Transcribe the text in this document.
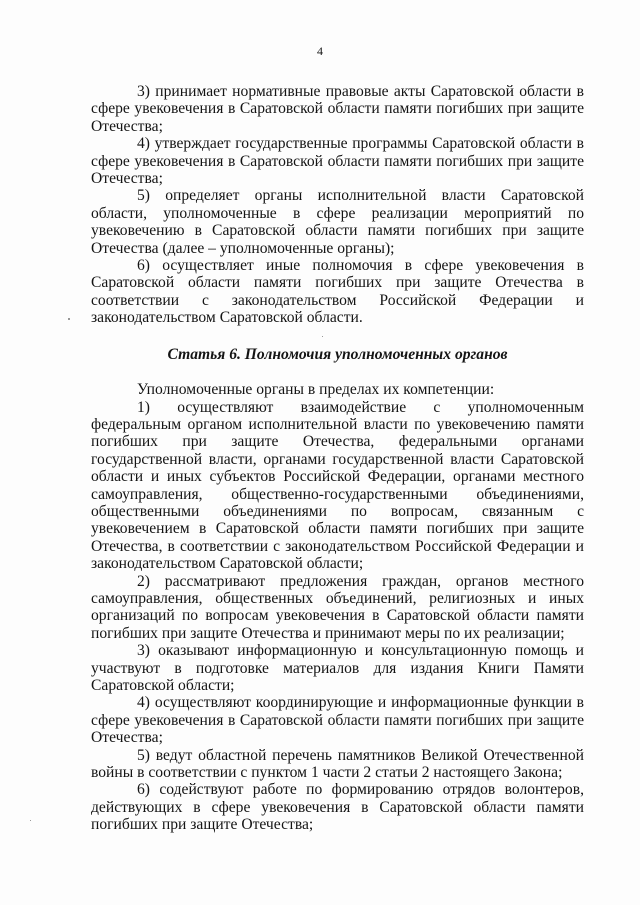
4

3) принимает нормативные правовые акты Саратовской области в сфере увековечения в Саратовской области памяти погибших при защите Отечества;

4) утверждает государственные программы Саратовской области в сфере увековечения в Саратовской области памяти погибших при защите Отечества;

5) определяет органы исполнительной власти Саратовской области, уполномоченные в сфере реализации мероприятий по увековечению в Саратовской области памяти погибших при защите Отечества (далее – уполномоченные органы);

6) осуществляет иные полномочия в сфере увековечения в Саратовской области памяти погибших при защите Отечества в соответствии с законодательством Российской Федерации и законодательством Саратовской области.

Статья 6. Полномочия уполномоченных органов

Уполномоченные органы в пределах их компетенции:

1) осуществляют взаимодействие с уполномоченным федеральным органом исполнительной власти по увековечению памяти погибших при защите Отечества, федеральными органами государственной власти, органами государственной власти Саратовской области и иных субъектов Российской Федерации, органами местного самоуправления, общественно-государственными объединениями, общественными объединениями по вопросам, связанным с увековечением в Саратовской области памяти погибших при защите Отечества, в соответствии с законодательством Российской Федерации и законодательством Саратовской области;

2) рассматривают предложения граждан, органов местного самоуправления, общественных объединений, религиозных и иных организаций по вопросам увековечения в Саратовской области памяти погибших при защите Отечества и принимают меры по их реализации;

3) оказывают информационную и консультационную помощь и участвуют в подготовке материалов для издания Книги Памяти Саратовской области;

4) осуществляют координирующие и информационные функции в сфере увековечения в Саратовской области памяти погибших при защите Отечества;

5) ведут областной перечень памятников Великой Отечественной войны в соответствии с пунктом 1 части 2 статьи 2 настоящего Закона;

6) содействуют работе по формированию отрядов волонтеров, действующих в сфере увековечения в Саратовской области памяти погибших при защите Отечества;
